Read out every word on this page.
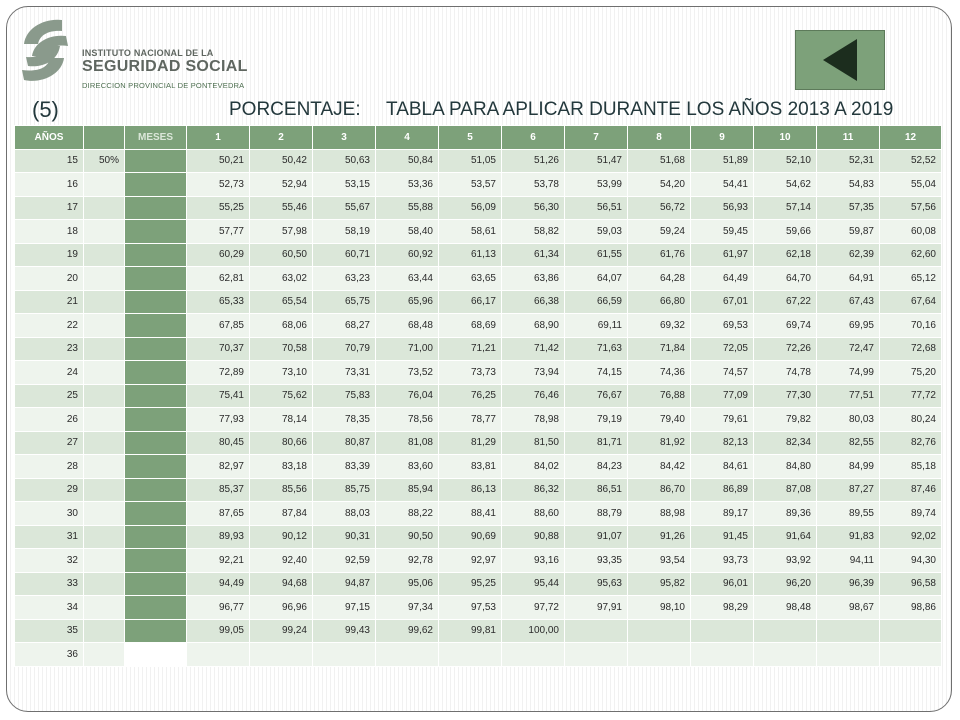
INSTITUTO NACIONAL DE LA
SEGURIDAD SOCIAL
DIRECCION PROVINCIAL DE PONTEVEDRA
(5)	PORCENTAJE: TABLA PARA APLICAR DURANTE LOS AÑOS 2013 A 2019
AÑOS		MESES	1	2	3	4	5	6	7	8	9	10	11	12
15	50%		50,21	50,42	50,63	50,84	51,05	51,26	51,47	51,68	51,89	52,10	52,31	52,52
16			52,73	52,94	53,15	53,36	53,57	53,78	53,99	54,20	54,41	54,62	54,83	55,04
17			55,25	55,46	55,67	55,88	56,09	56,30	56,51	56,72	56,93	57,14	57,35	57,56
18			57,77	57,98	58,19	58,40	58,61	58,82	59,03	59,24	59,45	59,66	59,87	60,08
19			60,29	60,50	60,71	60,92	61,13	61,34	61,55	61,76	61,97	62,18	62,39	62,60
20			62,81	63,02	63,23	63,44	63,65	63,86	64,07	64,28	64,49	64,70	64,91	65,12
21			65,33	65,54	65,75	65,96	66,17	66,38	66,59	66,80	67,01	67,22	67,43	67,64
22			67,85	68,06	68,27	68,48	68,69	68,90	69,11	69,32	69,53	69,74	69,95	70,16
23			70,37	70,58	70,79	71,00	71,21	71,42	71,63	71,84	72,05	72,26	72,47	72,68
24			72,89	73,10	73,31	73,52	73,73	73,94	74,15	74,36	74,57	74,78	74,99	75,20
25			75,41	75,62	75,83	76,04	76,25	76,46	76,67	76,88	77,09	77,30	77,51	77,72
26			77,93	78,14	78,35	78,56	78,77	78,98	79,19	79,40	79,61	79,82	80,03	80,24
27			80,45	80,66	80,87	81,08	81,29	81,50	81,71	81,92	82,13	82,34	82,55	82,76
28			82,97	83,18	83,39	83,60	83,81	84,02	84,23	84,42	84,61	84,80	84,99	85,18
29			85,37	85,56	85,75	85,94	86,13	86,32	86,51	86,70	86,89	87,08	87,27	87,46
30			87,65	87,84	88,03	88,22	88,41	88,60	88,79	88,98	89,17	89,36	89,55	89,74
31			89,93	90,12	90,31	90,50	90,69	90,88	91,07	91,26	91,45	91,64	91,83	92,02
32			92,21	92,40	92,59	92,78	92,97	93,16	93,35	93,54	93,73	93,92	94,11	94,30
33			94,49	94,68	94,87	95,06	95,25	95,44	95,63	95,82	96,01	96,20	96,39	96,58
34			96,77	96,96	97,15	97,34	97,53	97,72	97,91	98,10	98,29	98,48	98,67	98,86
35			99,05	99,24	99,43	99,62	99,81	100,00						
36														
